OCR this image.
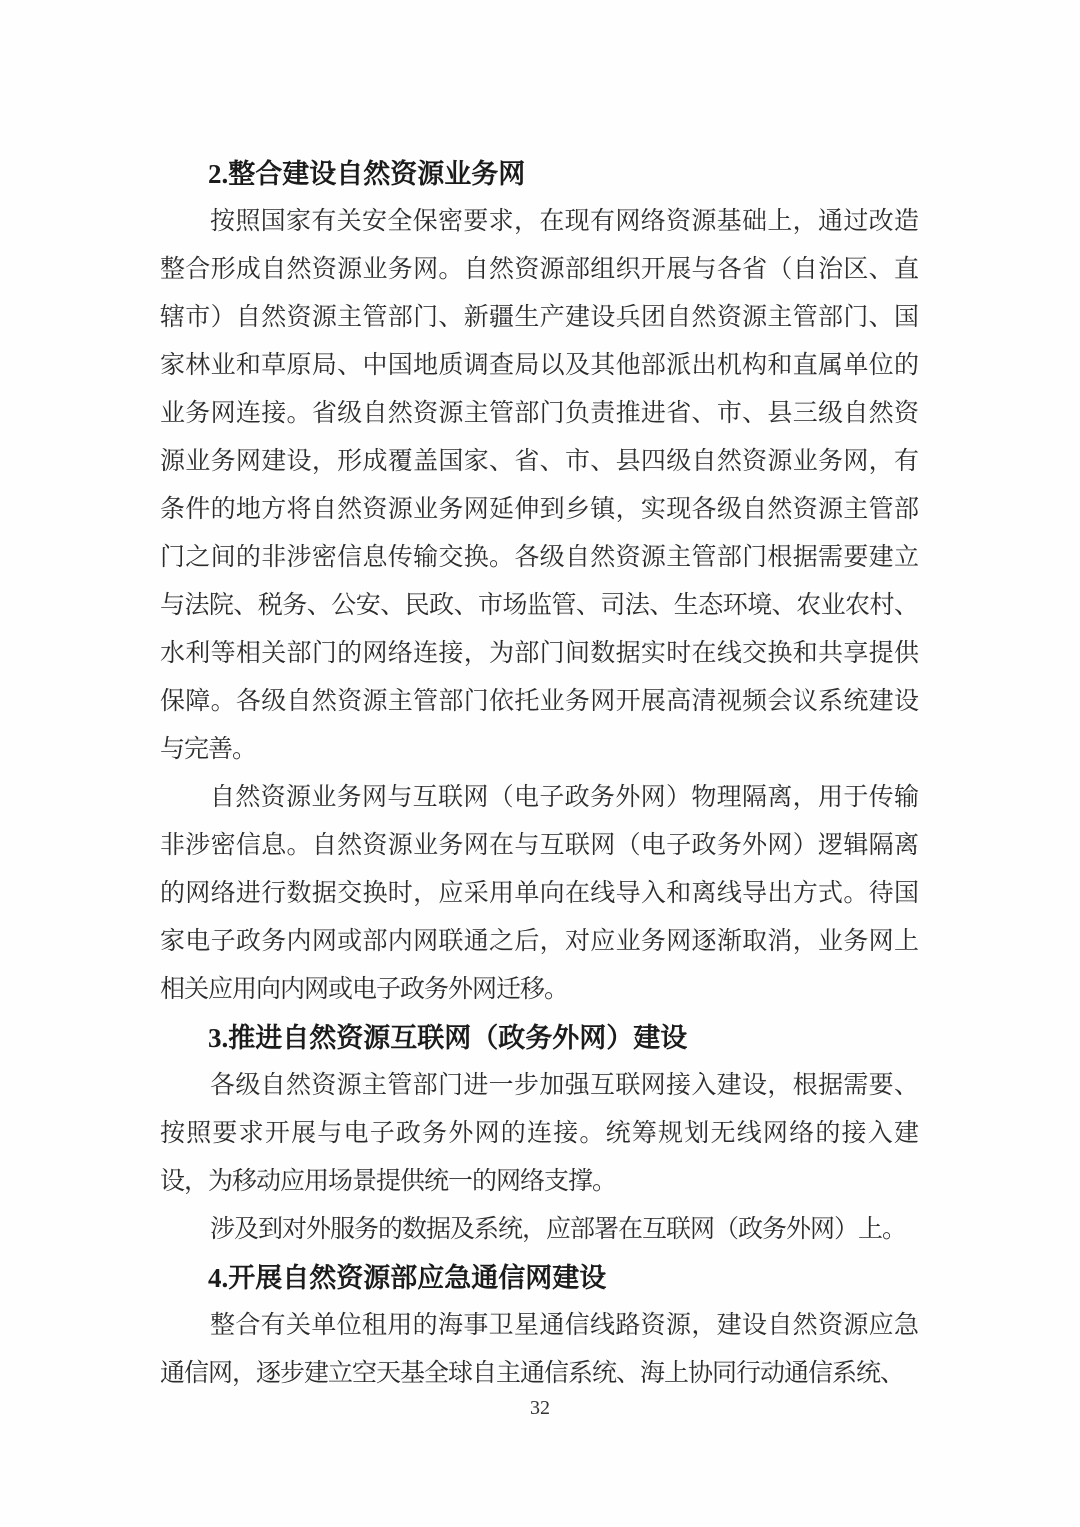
2.整合建设自然资源业务网
按照国家有关安全保密要求，在现有网络资源基础上，通过改造
整合形成自然资源业务网。自然资源部组织开展与各省（自治区、直
辖市）自然资源主管部门、新疆生产建设兵团自然资源主管部门、国
家林业和草原局、中国地质调查局以及其他部派出机构和直属单位的
业务网连接。省级自然资源主管部门负责推进省、市、县三级自然资
源业务网建设，形成覆盖国家、省、市、县四级自然资源业务网，有
条件的地方将自然资源业务网延伸到乡镇，实现各级自然资源主管部
门之间的非涉密信息传输交换。各级自然资源主管部门根据需要建立
与法院、税务、公安、民政、市场监管、司法、生态环境、农业农村、
水利等相关部门的网络连接，为部门间数据实时在线交换和共享提供
保障。各级自然资源主管部门依托业务网开展高清视频会议系统建设
与完善。
自然资源业务网与互联网（电子政务外网）物理隔离，用于传输
非涉密信息。自然资源业务网在与互联网（电子政务外网）逻辑隔离
的网络进行数据交换时，应采用单向在线导入和离线导出方式。待国
家电子政务内网或部内网联通之后，对应业务网逐渐取消，业务网上
相关应用向内网或电子政务外网迁移。
3.推进自然资源互联网（政务外网）建设
各级自然资源主管部门进一步加强互联网接入建设，根据需要、
按照要求开展与电子政务外网的连接。统筹规划无线网络的接入建
设，为移动应用场景提供统一的网络支撑。
涉及到对外服务的数据及系统，应部署在互联网（政务外网）上。
4.开展自然资源部应急通信网建设
整合有关单位租用的海事卫星通信线路资源，建设自然资源应急
通信网，逐步建立空天基全球自主通信系统、海上协同行动通信系统、
32
